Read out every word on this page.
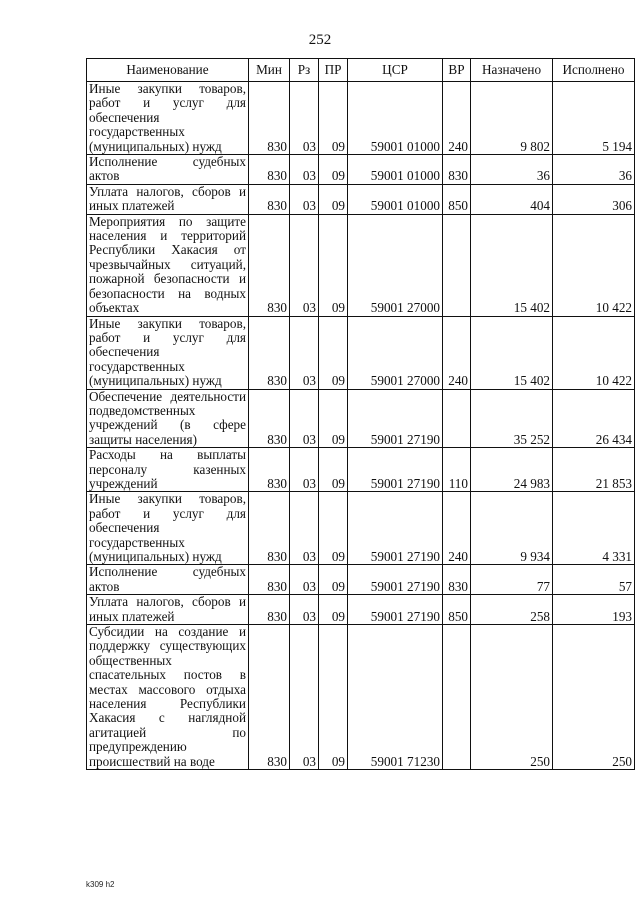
252
Наименование	Мин	Рз	ПР	ЦСР	ВР	Назначено	Исполнено
Иные закупки товаров, работ и услуг для обеспечения государственных (муниципальных) нужд	830	03	09	59001 01000	240	9 802	5 194
Исполнение судебных актов	830	03	09	59001 01000	830	36	36
Уплата налогов, сборов и иных платежей	830	03	09	59001 01000	850	404	306
Мероприятия по защите населения и территорий Республики Хакасия от чрезвычайных ситуаций, пожарной безопасности и безопасности на водных объектах	830	03	09	59001 27000		15 402	10 422
Иные закупки товаров, работ и услуг для обеспечения государственных (муниципальных) нужд	830	03	09	59001 27000	240	15 402	10 422
Обеспечение деятельности подведомственных учреждений (в сфере защиты населения)	830	03	09	59001 27190		35 252	26 434
Расходы на выплаты персоналу казенных учреждений	830	03	09	59001 27190	110	24 983	21 853
Иные закупки товаров, работ и услуг для обеспечения государственных (муниципальных) нужд	830	03	09	59001 27190	240	9 934	4 331
Исполнение судебных актов	830	03	09	59001 27190	830	77	57
Уплата налогов, сборов и иных платежей	830	03	09	59001 27190	850	258	193
Субсидии на создание и поддержку существующих общественных спасательных постов в местах массового отдыха населения Республики Хакасия с наглядной агитацией по предупреждению происшествий на воде	830	03	09	59001 71230		250	250
k309 h2
